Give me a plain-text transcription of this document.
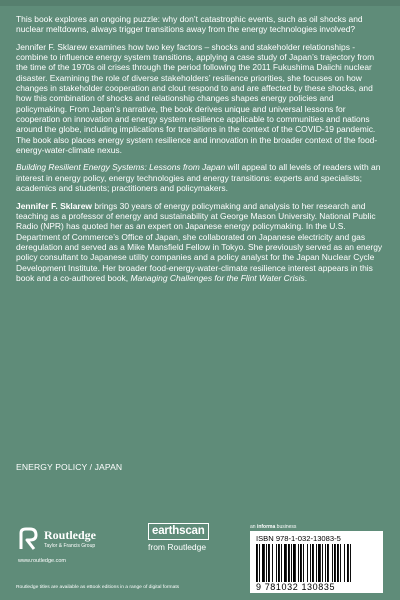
This book explores an ongoing puzzle: why don’t catastrophic events, such as oil shocks and nuclear meltdowns, always trigger transitions away from the energy technologies involved?

Jennifer F. Sklarew examines how two key factors – shocks and stakeholder relationships - combine to influence energy system transitions, applying a case study of Japan’s trajectory from the time of the 1970s oil crises through the period following the 2011 Fukushima Daiichi nuclear disaster. Examining the role of diverse stakeholders’ resilience priorities, she focuses on how changes in stakeholder cooperation and clout respond to and are affected by these shocks, and how this combination of shocks and relationship changes shapes energy policies and policymaking. From Japan’s narrative, the book derives unique and universal lessons for cooperation on innovation and energy system resilience applicable to communities and nations around the globe, including implications for transitions in the context of the COVID-19 pandemic. The book also places energy system resilience and innovation in the broader context of the food-energy-water-climate nexus.

Building Resilient Energy Systems: Lessons from Japan will appeal to all levels of readers with an interest in energy policy, energy technologies and energy transitions: experts and specialists; academics and students; practitioners and policymakers.

Jennifer F. Sklarew brings 30 years of energy policymaking and analysis to her research and teaching as a professor of energy and sustainability at George Mason University. National Public Radio (NPR) has quoted her as an expert on Japanese energy policymaking. In the U.S. Department of Commerce’s Office of Japan, she collaborated on Japanese electricity and gas deregulation and served as a Mike Mansfield Fellow in Tokyo. She previously served as an energy policy consultant to Japanese utility companies and a policy analyst for the Japan Nuclear Cycle Development Institute. Her broader food-energy-water-climate resilience interest appears in this book and a co-authored book, Managing Challenges for the Flint Water Crisis.

ENERGY POLICY / JAPAN
Routledge
Taylor & Francis Group
www.routledge.com
earthscan
from Routledge
Routledge titles are available as eBook editions in a range of digital formats
an informa business
ISBN 978-1-032-13083-5
9 781032 130835
